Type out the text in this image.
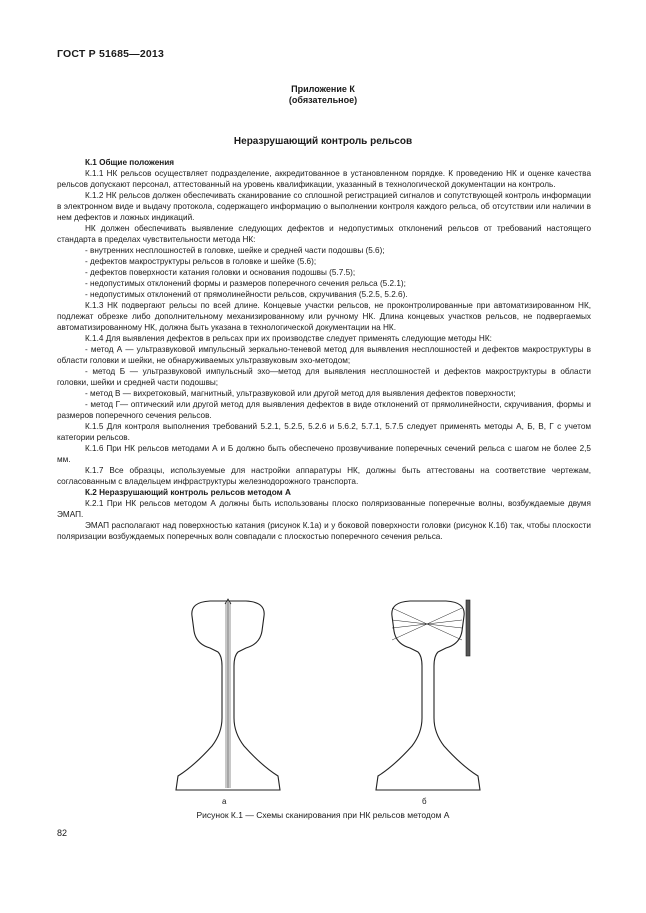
ГОСТ Р 51685—2013
Приложение К
(обязательное)
Неразрушающий контроль рельсов

К.1 Общие положения

К.1.1 НК рельсов осуществляет подразделение, аккредитованное в установленном порядке. К проведению НК и оценке качества рельсов допускают персонал, аттестованный на уровень квалификации, указанный в технологической документации на контроль.

К.1.2 НК рельсов должен обеспечивать сканирование со сплошной регистрацией сигналов и сопутствующей контроль информации в электронном виде и выдачу протокола, содержащего информацию о выполнении контроля каждого рельса, об отсутствии или наличии в нем дефектов и ложных индикаций.

НК должен обеспечивать выявление следующих дефектов и недопустимых отклонений рельсов от требований настоящего стандарта в пределах чувствительности метода НК:

- внутренних несплошностей в головке, шейке и средней части подошвы (5.6);

- дефектов макроструктуры рельсов в головке и шейке (5.6);

- дефектов поверхности катания головки и основания подошвы (5.7.5);

- недопустимых отклонений формы и размеров поперечного сечения рельса (5.2.1);

- недопустимых отклонений от прямолинейности рельсов, скручивания (5.2.5, 5.2.6).

К.1.3 НК подвергают рельсы по всей длине. Концевые участки рельсов, не проконтролированные при автоматизированном НК, подлежат обрезке либо дополнительному механизированному или ручному НК. Длина концевых участков рельсов, не подвергаемых автоматизированному НК, должна быть указана в технологической документации на НК.

К.1.4 Для выявления дефектов в рельсах при их производстве следует применять следующие методы НК:

- метод А — ультразвуковой импульсный зеркально-теневой метод для выявления несплошностей и дефектов макроструктуры в области головки и шейки, не обнаруживаемых ультразвуковым эхо-методом;

- метод Б — ультразвуковой импульсный эхо—метод для выявления несплошностей и дефектов макроструктуры в области головки, шейки и средней части подошвы;

- метод В — вихретоковый, магнитный, ультразвуковой или другой метод для выявления дефектов поверхности;

- метод Г— оптический или другой метод для выявления дефектов в виде отклонений от прямолинейности, скручивания, формы и размеров поперечного сечения рельсов.

К.1.5 Для контроля выполнения требований 5.2.1, 5.2.5, 5.2.6 и 5.6.2, 5.7.1, 5.7.5 следует применять методы А, Б, В, Г с учетом категории рельсов.

К.1.6 При НК рельсов методами А и Б должно быть обеспечено прозвучивание поперечных сечений рельса с шагом не более 2,5 мм.

К.1.7 Все образцы, используемые для настройки аппаратуры НК, должны быть аттестованы на соответствие чертежам, согласованным с владельцем инфраструктуры железнодорожного транспорта.

К.2 Неразрушающий контроль рельсов методом А

К.2.1 При НК рельсов методом А должны быть использованы плоско поляризованные поперечные волны, возбуждаемые двумя ЭМАП.

ЭМАП располагают над поверхностью катания (рисунок К.1а) и у боковой поверхности головки (рисунок К.1б) так, чтобы плоскости поляризации возбуждаемых поперечных волн совпадали с плоскостью поперечного сечения рельса.

а	б
Рисунок К.1 — Схемы сканирования при НК рельсов методом А
82
